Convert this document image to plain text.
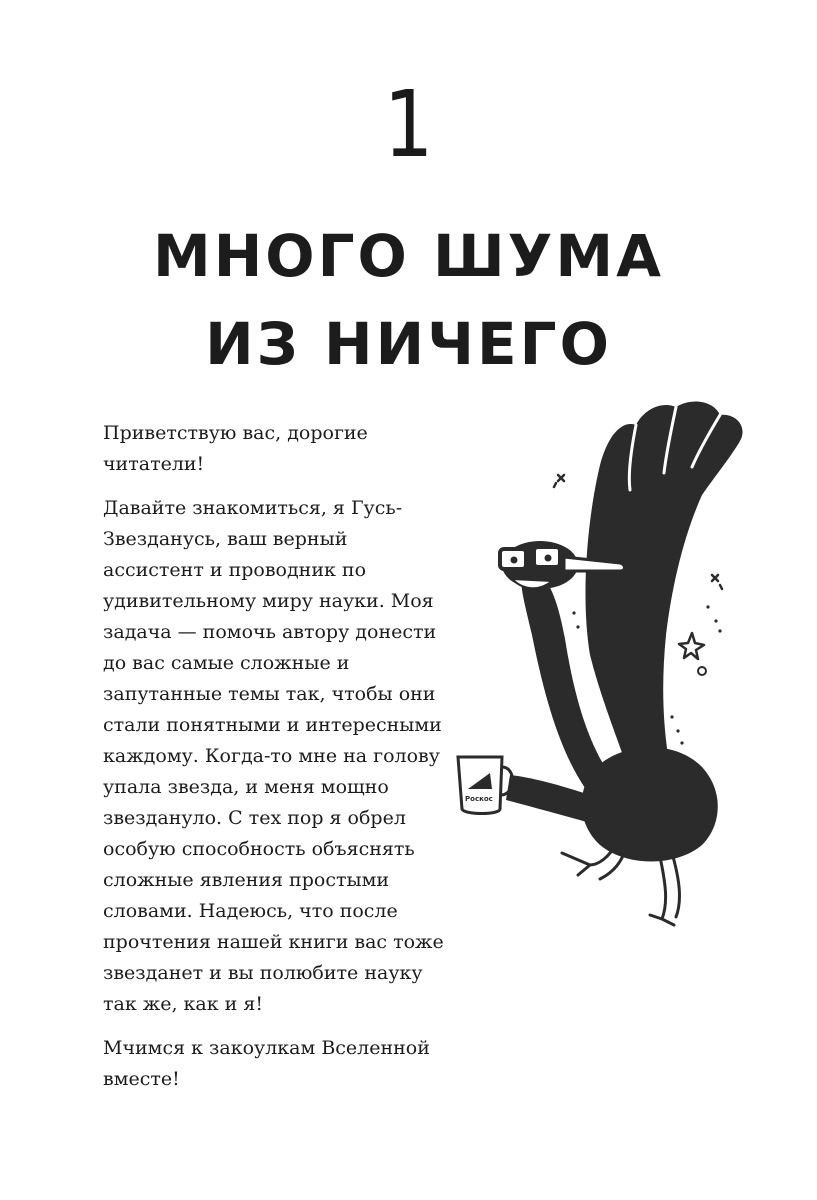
1
МНОГО ШУМА
ИЗ НИЧЕГО

Приветствую вас, дорогие читатели!

Давайте знакомиться, я Гусь-Звездануcь, ваш верный ассистент и проводник по удивительному миру науки. Моя задача — помочь автору донести до вас самые сложные и запутанные темы так, чтобы они стали понятными и интересными каждому. Когда-то мне на голову упала звезда, и меня мощно звездануло. С тех пор я обрел особую способность объяснять сложные явления простыми словами. Надеюсь, что после прочтения нашей книги вас тоже звезданет и вы полюбите науку так же, как и я!

Мчимся к закоулкам Вселенной вместе!

Роскос
